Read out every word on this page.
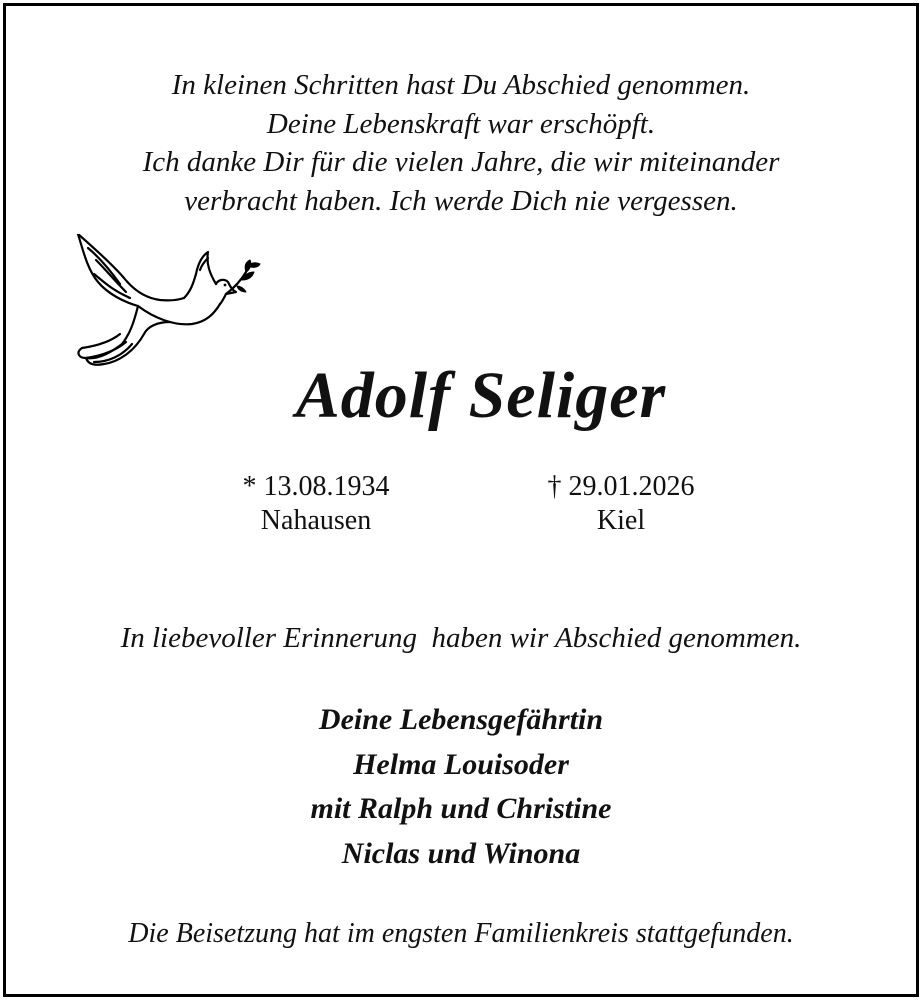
In kleinen Schritten hast Du Abschied genommen.
Deine Lebenskraft war erschöpft.
Ich danke Dir für die vielen Jahre, die wir miteinander
verbracht haben. Ich werde Dich nie vergessen.
Adolf Seliger
* 13.08.1934
Nahausen
† 29.01.2026
Kiel
In liebevoller Erinnerung  haben wir Abschied genommen.
Deine Lebensgefährtin
Helma Louisoder
mit Ralph und Christine
Niclas und Winona
Die Beisetzung hat im engsten Familienkreis stattgefunden.
